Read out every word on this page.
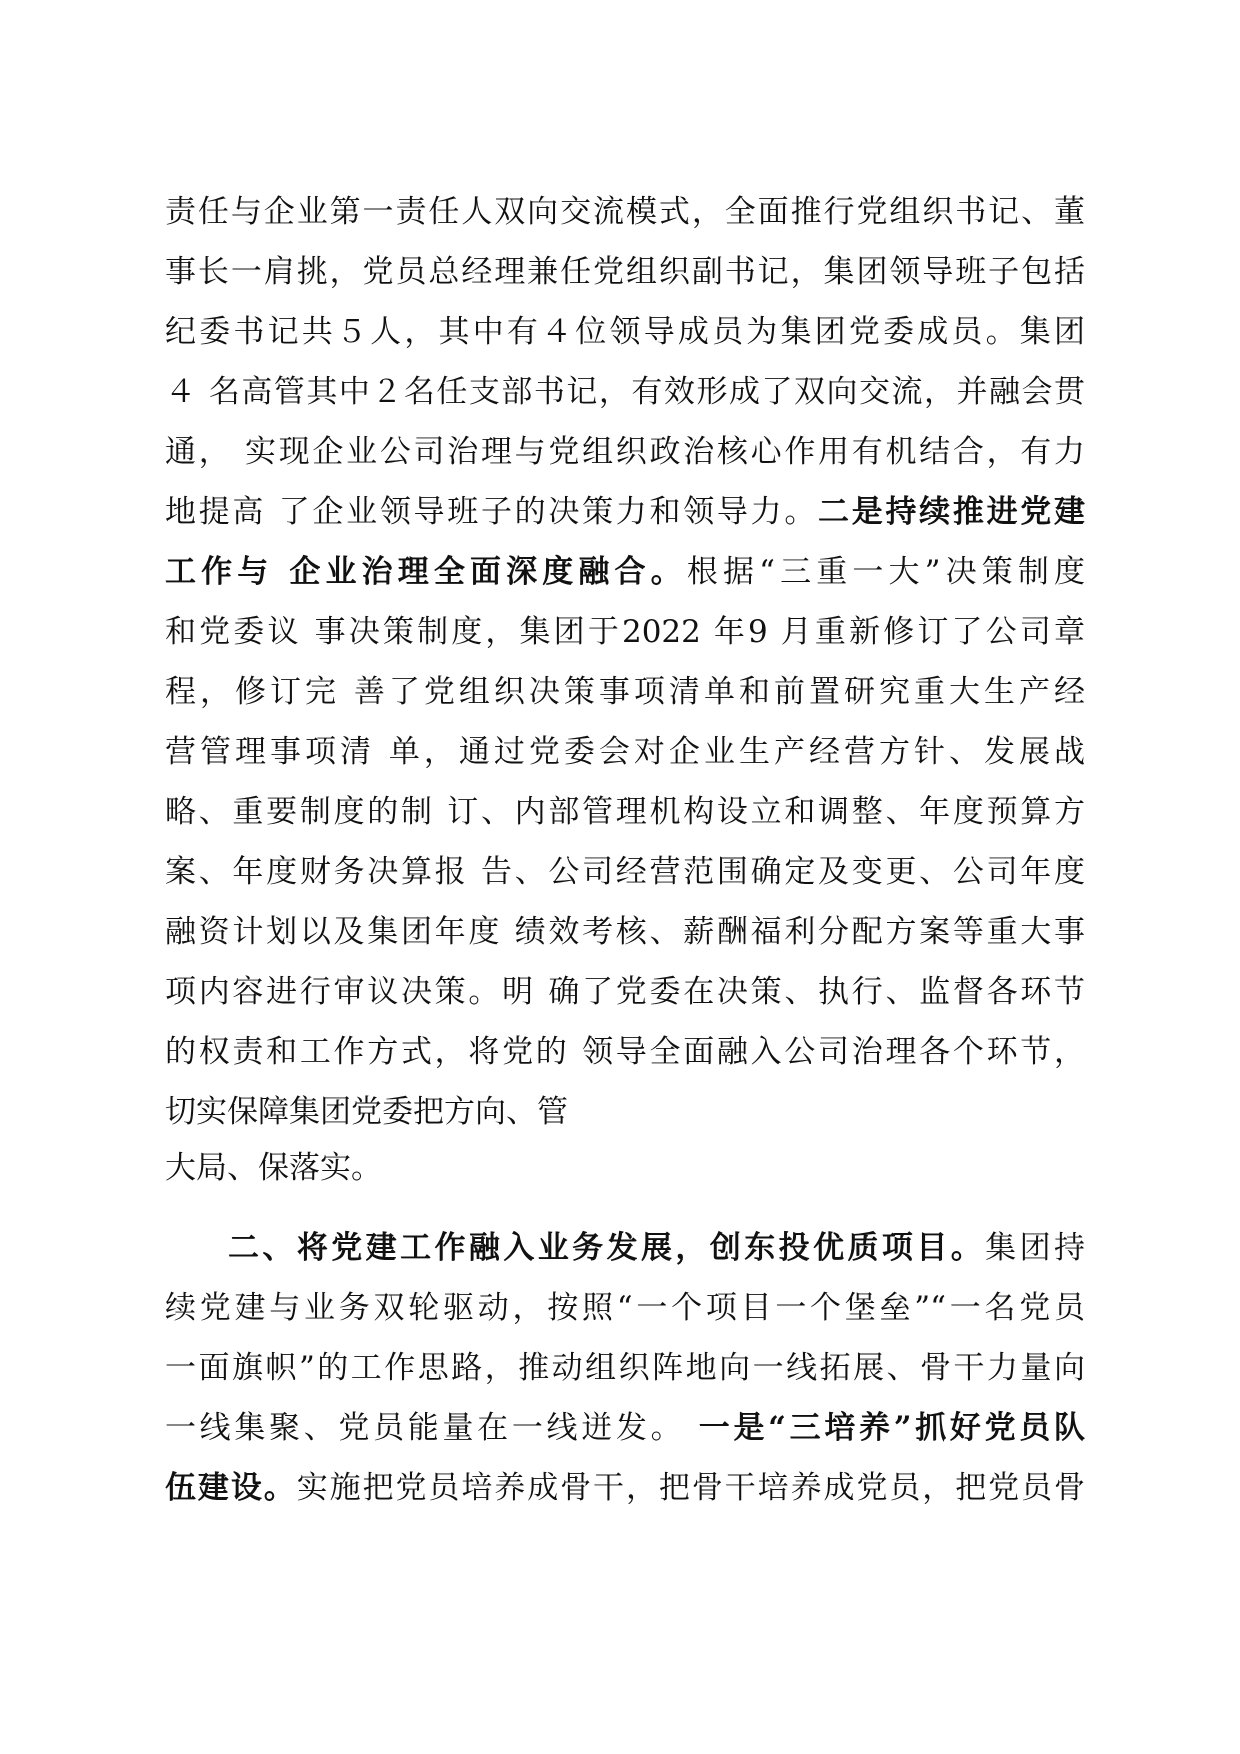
责任与企业第一责任人双向交流模式，全面推行党组织书记、董
事长一肩挑，党员总经理兼任党组织副书记，集团领导班子包括
纪委书记共５人，其中有４位领导成员为集团党委成员。集团
４ 名高管其中２名任支部书记，有效形成了双向交流，并融会贯
通， 实现企业公司治理与党组织政治核心作用有机结合，有力
地提高 了企业领导班子的决策力和领导力。二是持续推进党建
工作与 企业治理全面深度融合。根据“三重一大”决策制度
和党委议 事决策制度，集团于2022 年9 月重新修订了公司章
程，修订完 善了党组织决策事项清单和前置研究重大生产经
营管理事项清 单，通过党委会对企业生产经营方针、发展战
略、重要制度的制 订、内部管理机构设立和调整、年度预算方
案、年度财务决算报 告、公司经营范围确定及变更、公司年度
融资计划以及集团年度 绩效考核、薪酬福利分配方案等重大事
项内容进行审议决策。明 确了党委在决策、执行、监督各环节
的权责和工作方式，将党的 领导全面融入公司治理各个环节，
切实保障集团党委把方向、管
大局、保落实。
二、将党建工作融入业务发展，创东投优质项目。集团持
续党建与业务双轮驱动，按照“一个项目一个堡垒”“一名党员
一面旗帜”的工作思路，推动组织阵地向一线拓展、骨干力量向
一线集聚、党员能量在一线迸发。 一是“三培养”抓好党员队
伍建设。实施把党员培养成骨干，把骨干培养成党员，把党员骨
